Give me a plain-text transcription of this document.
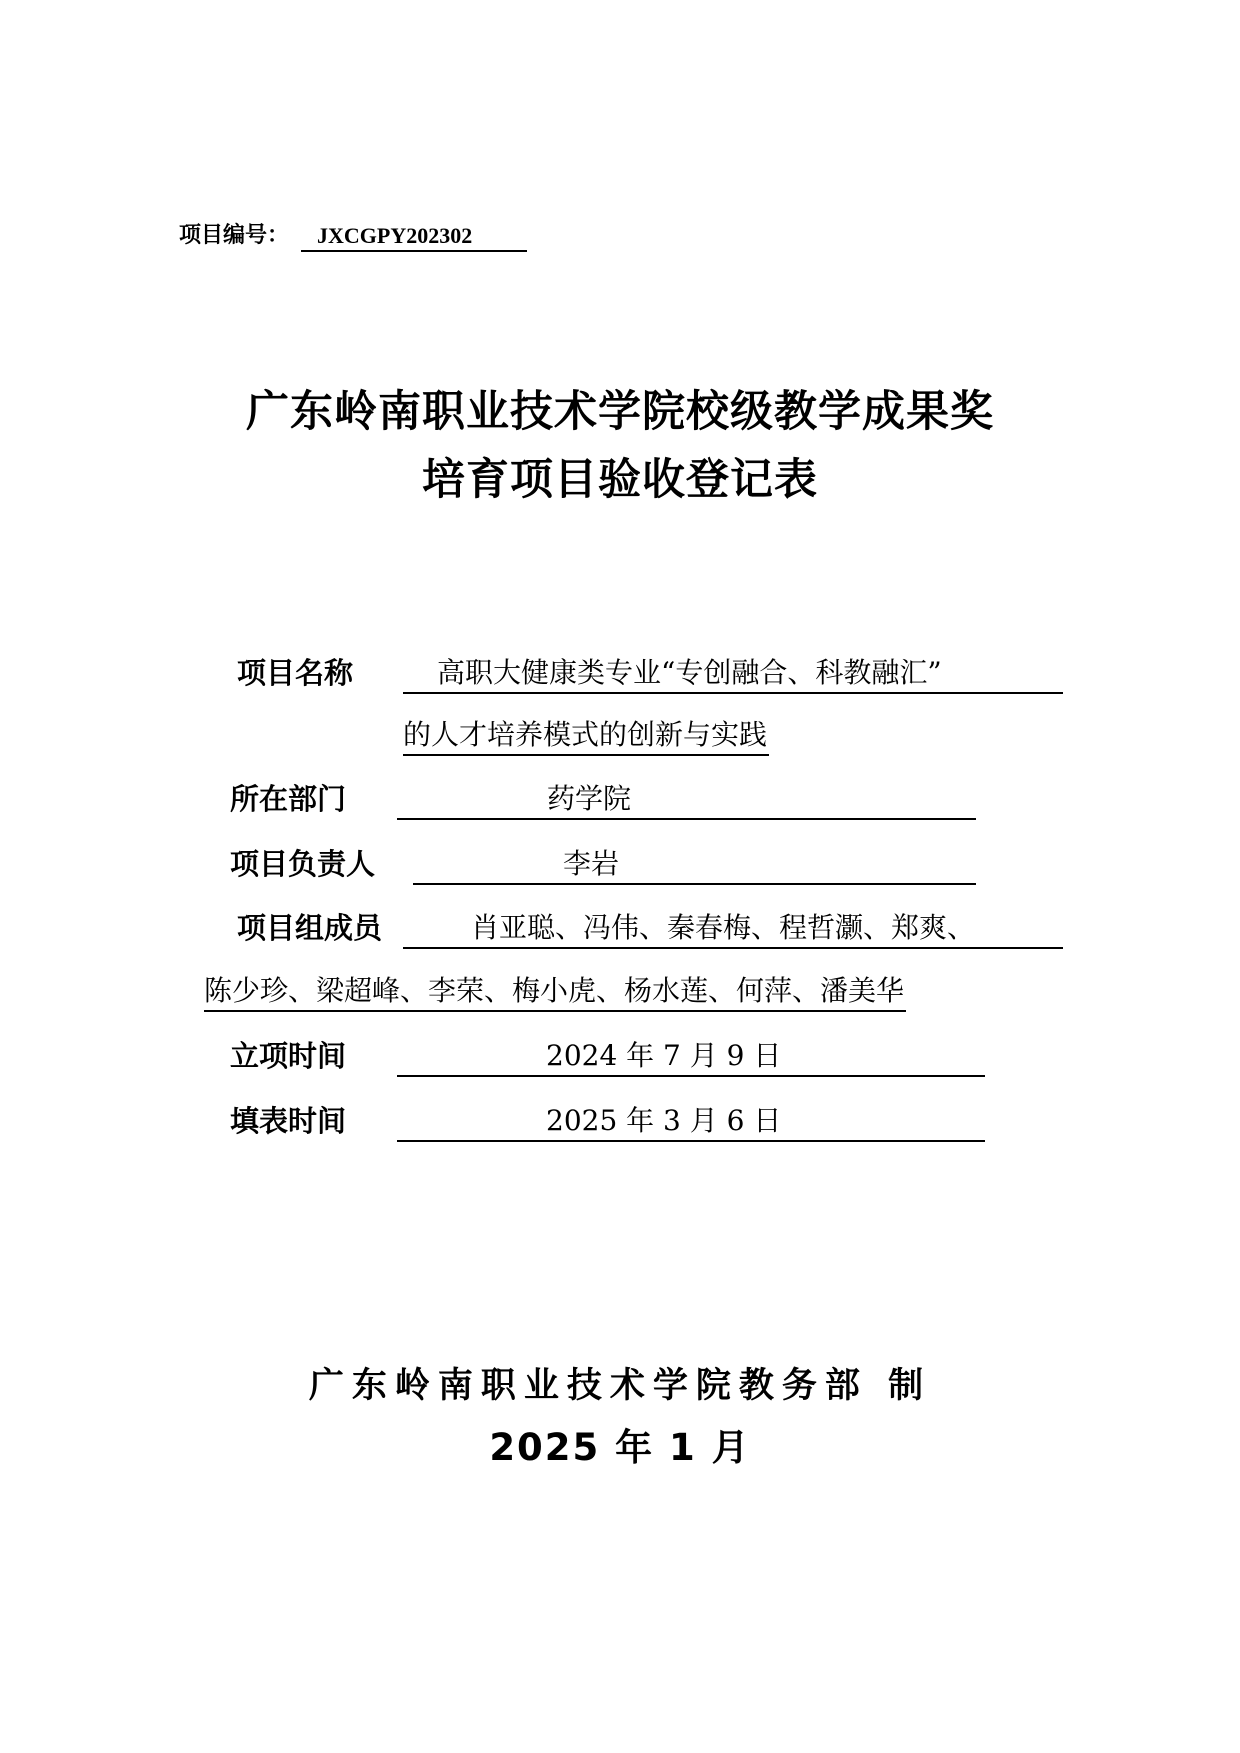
项目编号：	JXCGPY202302
广东岭南职业技术学院校级教学成果奖
培育项目验收登记表
项目名称	高职大健康类专业“专创融合、科教融汇”
的人才培养模式的创新与实践
所在部门	药学院
项目负责人	李岩
项目组成员	肖亚聪、冯伟、秦春梅、程哲灏、郑爽、
陈少珍、梁超峰、李荣、梅小虎、杨水莲、何萍、潘美华
立项时间	2024 年 7 月 9 日
填表时间	2025 年 3 月 6 日
广东岭南职业技术学院教务部 制
2025 年 1 月
